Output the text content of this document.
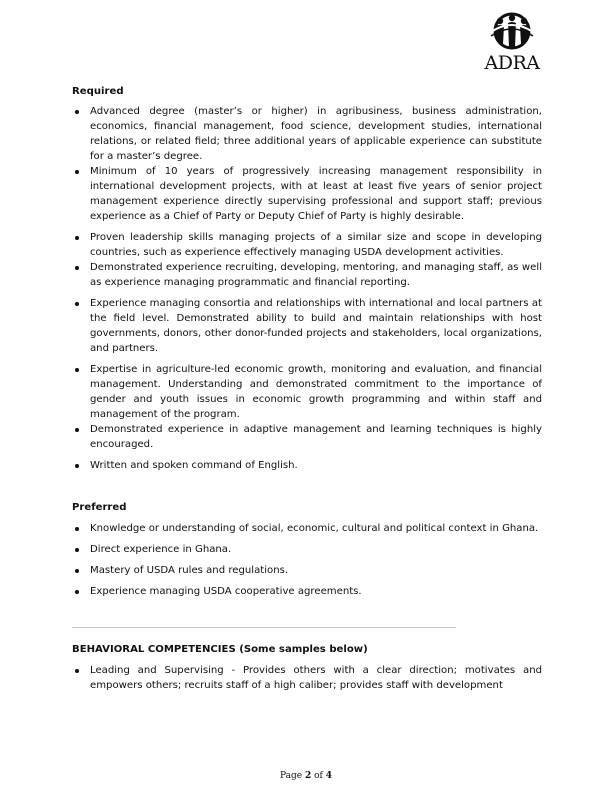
ADRA

Required

Advanced degree (master’s or higher) in agribusiness, business administration, economics, financial management, food science, development studies, international relations, or related field; three additional years of applicable experience can substitute for a master’s degree.
Minimum of 10 years of progressively increasing management responsibility in international development projects, with at least at least five years of senior project management experience directly supervising professional and support staff; previous experience as a Chief of Party or Deputy Chief of Party is highly desirable.
Proven leadership skills managing projects of a similar size and scope in developing countries, such as experience effectively managing USDA development activities.
Demonstrated experience recruiting, developing, mentoring, and managing staff, as well as experience managing programmatic and financial reporting.
Experience managing consortia and relationships with international and local partners at the field level. Demonstrated ability to build and maintain relationships with host governments, donors, other donor-funded projects and stakeholders, local organizations, and partners.
Expertise in agriculture-led economic growth, monitoring and evaluation, and financial management. Understanding and demonstrated commitment to the importance of gender and youth issues in economic growth programming and within staff and management of the program.
Demonstrated experience in adaptive management and learning techniques is highly encouraged.
Written and spoken command of English.

Preferred

Knowledge or understanding of social, economic, cultural and political context in Ghana.
Direct experience in Ghana.
Mastery of USDA rules and regulations.
Experience managing USDA cooperative agreements.

BEHAVIORAL COMPETENCIES (Some samples below)

Leading and Supervising - Provides others with a clear direction; motivates and empowers others; recruits staff of a high caliber; provides staff with development
Page 2 of 4
